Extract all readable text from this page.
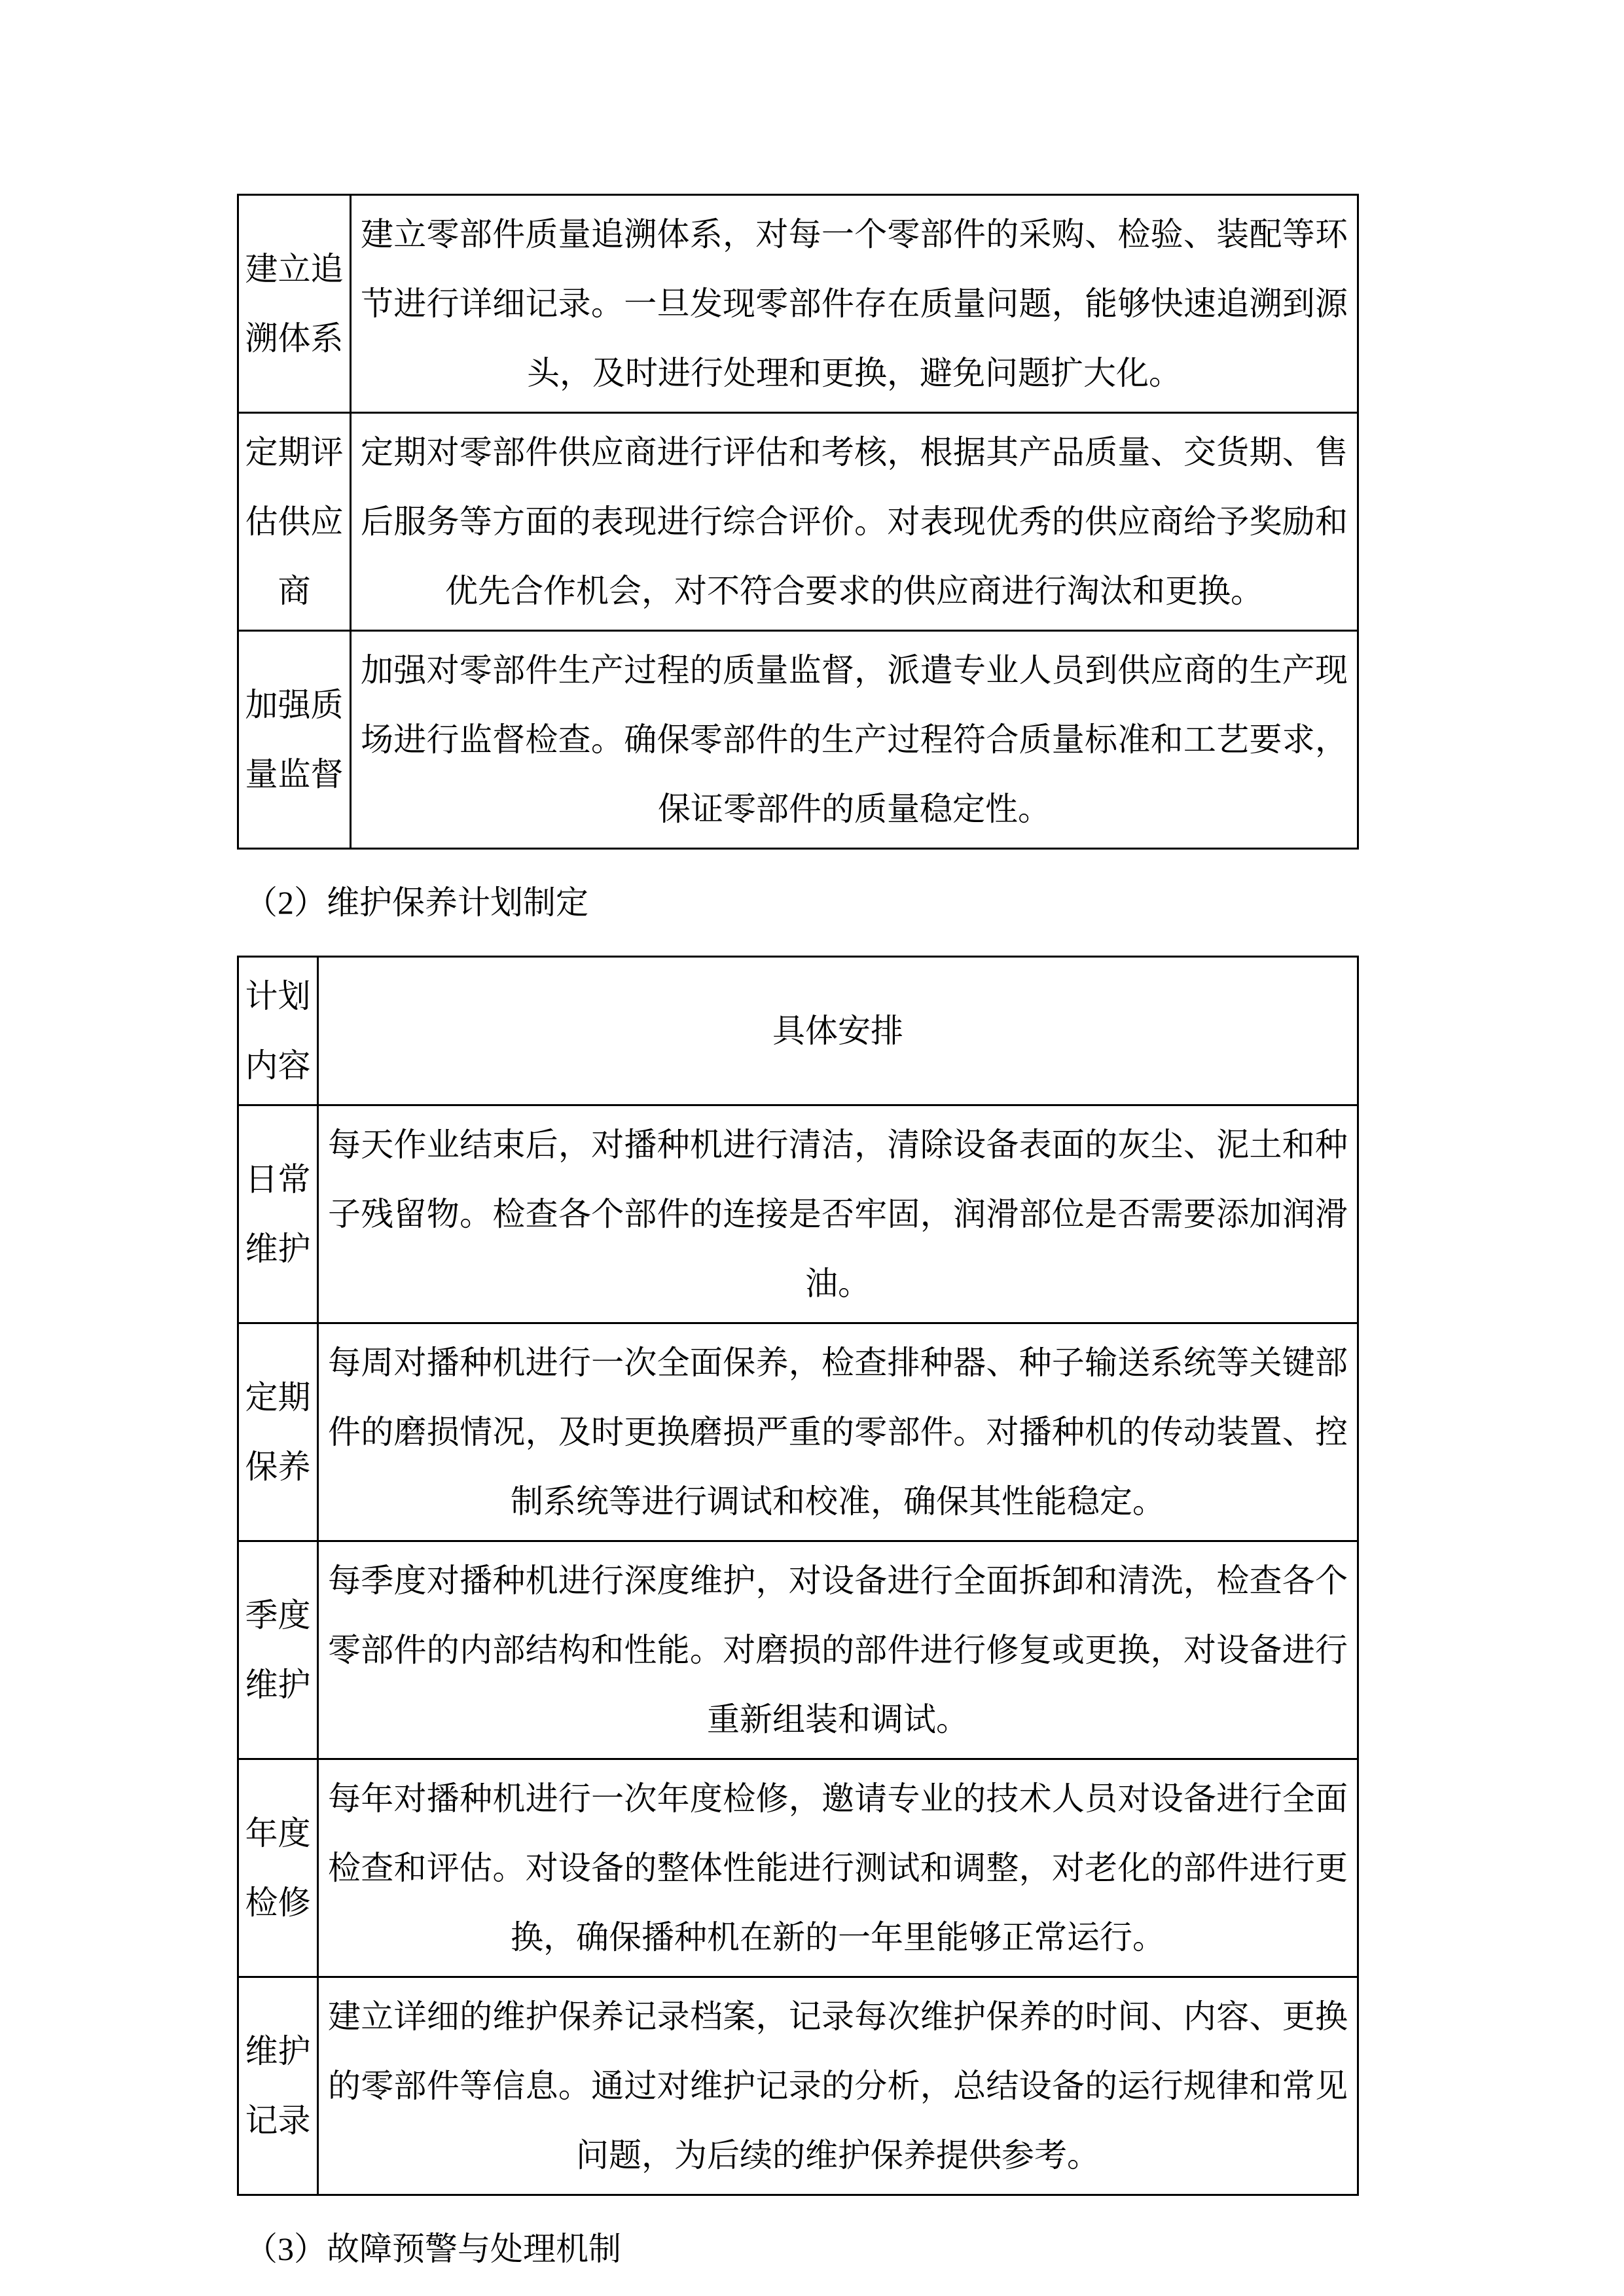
建立追溯体系	建立零部件质量追溯体系，对每一个零部件的采购、检验、装配等环节进行详细记录。一旦发现零部件存在质量问题，能够快速追溯到源头，及时进行处理和更换，避免问题扩大化。
定期评估供应商	定期对零部件供应商进行评估和考核，根据其产品质量、交货期、售后服务等方面的表现进行综合评价。对表现优秀的供应商给予奖励和优先合作机会，对不符合要求的供应商进行淘汰和更换。
加强质量监督	加强对零部件生产过程的质量监督，派遣专业人员到供应商的生产现场进行监督检查。确保零部件的生产过程符合质量标准和工艺要求，保证零部件的质量稳定性。

（2）维护保养计划制定

计划内容	具体安排
日常维护	每天作业结束后，对播种机进行清洁，清除设备表面的灰尘、泥土和种子残留物。检查各个部件的连接是否牢固，润滑部位是否需要添加润滑油。
定期保养	每周对播种机进行一次全面保养，检查排种器、种子输送系统等关键部件的磨损情况，及时更换磨损严重的零部件。对播种机的传动装置、控制系统等进行调试和校准，确保其性能稳定。
季度维护	每季度对播种机进行深度维护，对设备进行全面拆卸和清洗，检查各个零部件的内部结构和性能。对磨损的部件进行修复或更换，对设备进行重新组装和调试。
年度检修	每年对播种机进行一次年度检修，邀请专业的技术人员对设备进行全面检查和评估。对设备的整体性能进行测试和调整，对老化的部件进行更换，确保播种机在新的一年里能够正常运行。
维护记录	建立详细的维护保养记录档案，记录每次维护保养的时间、内容、更换的零部件等信息。通过对维护记录的分析，总结设备的运行规律和常见问题，为后续的维护保养提供参考。

（3）故障预警与处理机制
